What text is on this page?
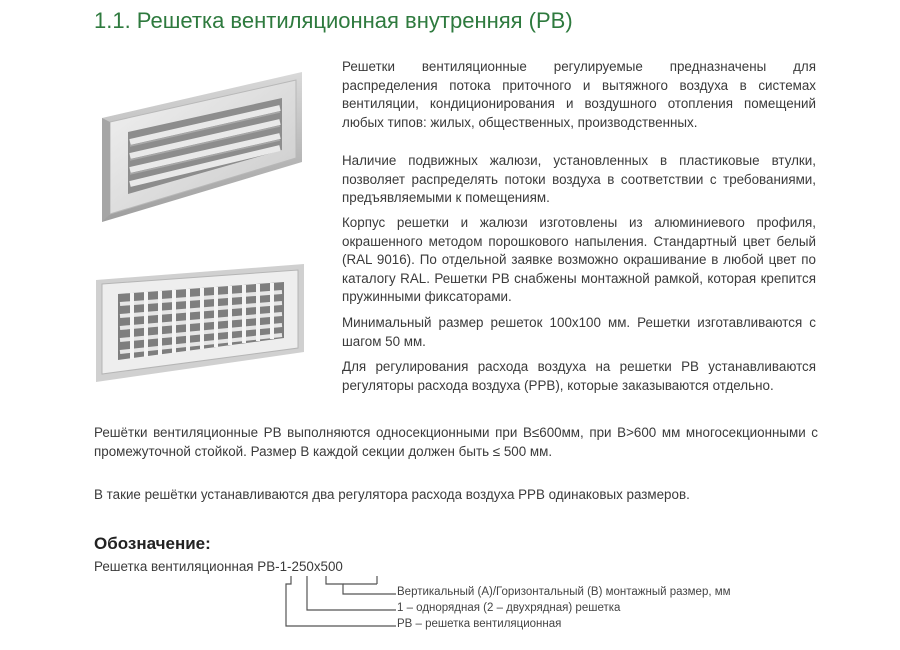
1.1. Решетка вентиляционная внутренняя (РВ)

Решетки вентиляционные регулируемые предназначены для распределения потока приточного и вытяжного воздуха в системах вентиляции, кондиционирования и воздушного отопления помещений любых типов: жилых, общественных, производственных.

Наличие подвижных жалюзи, установленных в пластиковые втулки, позволяет распределять потоки воздуха в соответствии с требованиями, предъявляемыми к помещениям.

Корпус решетки и жалюзи изготовлены из алюминиевого профиля, окрашенного методом порошкового напыления. Стандартный цвет белый (RAL 9016). По отдельной заявке возможно окрашивание в любой цвет по каталогу RAL. Решетки РВ снабжены монтажной рамкой, которая крепится пружинными фиксаторами.

Минимальный размер решеток 100х100 мм. Решетки изготавливаются с шагом 50 мм.

Для регулирования расхода воздуха на решетки РВ устанавливаются регуляторы расхода воздуха (РРВ), которые заказываются отдельно.

Решётки вентиляционные РВ выполняются односекционными при В≤600мм, при В>600 мм многосекционными с промежуточной стойкой. Размер В каждой секции должен быть ≤ 500 мм.

В такие решётки устанавливаются два регулятора расхода воздуха РРВ одинаковых размеров.

Обозначение:
Решетка вентиляционная РВ-1-250х500
Вертикальный (А)/Горизонтальный (В) монтажный размер, мм
1 – однорядная (2 – двухрядная) решетка
РВ – решетка вентиляционная
